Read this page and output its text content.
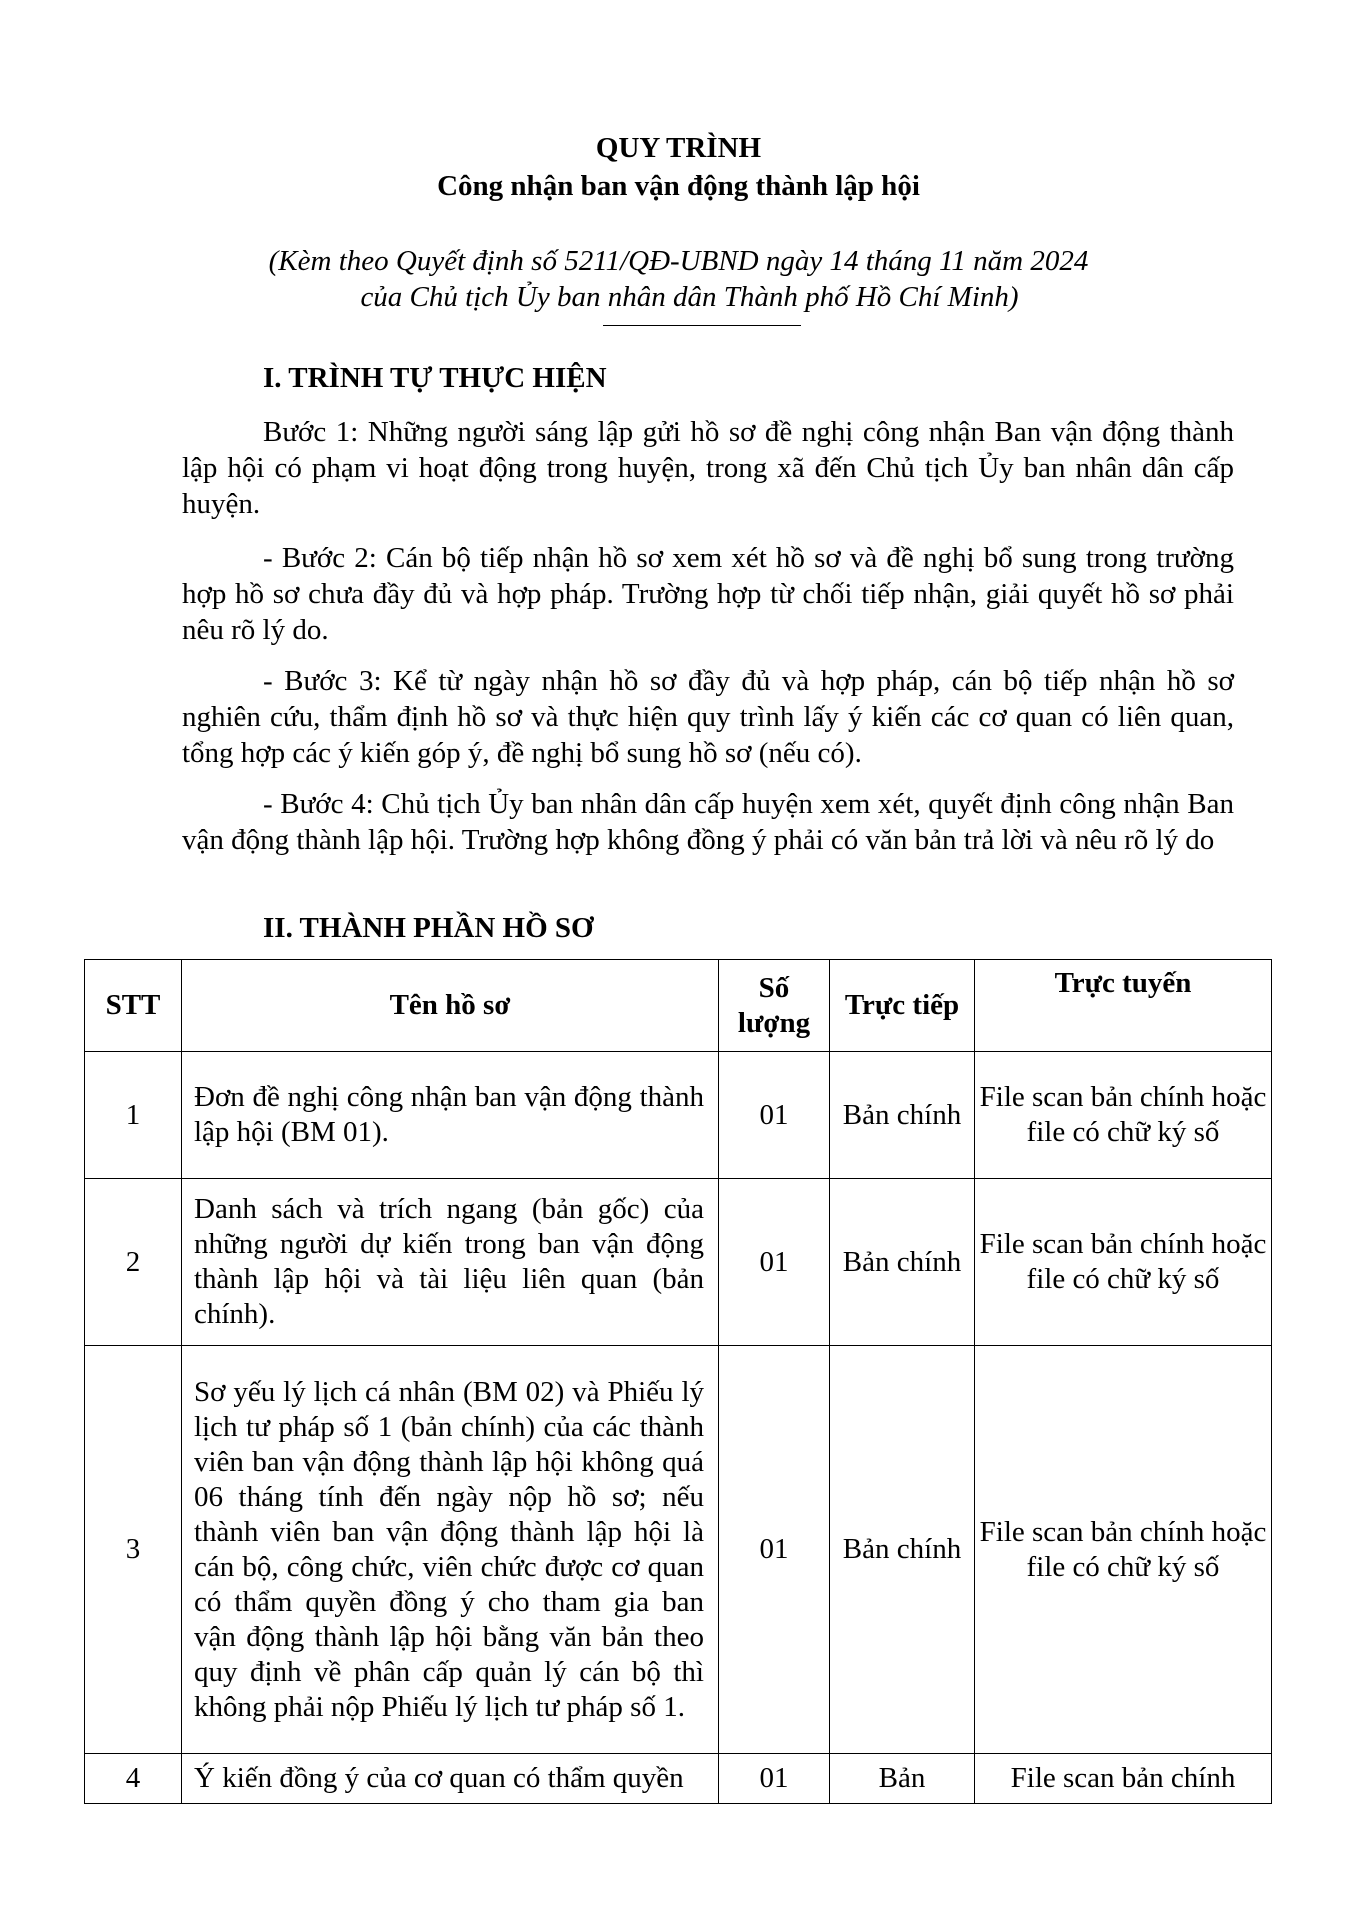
QUY TRÌNH
Công nhận ban vận động thành lập hội
(Kèm theo Quyết định số 5211/QĐ-UBND ngày 14 tháng 11 năm 2024
của Chủ tịch Ủy ban nhân dân Thành phố Hồ Chí Minh)
I. TRÌNH TỰ THỰC HIỆN

Bước 1: Những người sáng lập gửi hồ sơ đề nghị công nhận Ban vận động thành lập hội có phạm vi hoạt động trong huyện, trong xã đến Chủ tịch Ủy ban nhân dân cấp huyện.

- Bước 2: Cán bộ tiếp nhận hồ sơ xem xét hồ sơ và đề nghị bổ sung trong trường hợp hồ sơ chưa đầy đủ và hợp pháp. Trường hợp từ chối tiếp nhận, giải quyết hồ sơ phải nêu rõ lý do.

- Bước 3: Kể từ ngày nhận hồ sơ đầy đủ và hợp pháp, cán bộ tiếp nhận hồ sơ nghiên cứu, thẩm định hồ sơ và thực hiện quy trình lấy ý kiến các cơ quan có liên quan, tổng hợp các ý kiến góp ý, đề nghị bổ sung hồ sơ (nếu có).

- Bước 4: Chủ tịch Ủy ban nhân dân cấp huyện xem xét, quyết định công nhận Ban vận động thành lập hội. Trường hợp không đồng ý phải có văn bản trả lời và nêu rõ lý do

II. THÀNH PHẦN HỒ SƠ
STT	Tên hồ sơ	Số lượng	Trực tiếp	Trực tuyến
1	Đơn đề nghị công nhận ban vận động thành lập hội (BM 01).	01	Bản chính	File scan bản chính hoặc file có chữ ký số
2	Danh sách và trích ngang (bản gốc) của những người dự kiến trong ban vận động thành lập hội và tài liệu liên quan (bản chính).	01	Bản chính	File scan bản chính hoặc file có chữ ký số
3	Sơ yếu lý lịch cá nhân (BM 02) và Phiếu lý lịch tư pháp số 1 (bản chính) của các thành viên ban vận động thành lập hội không quá 06 tháng tính đến ngày nộp hồ sơ; nếu thành viên ban vận động thành lập hội là cán bộ, công chức, viên chức được cơ quan có thẩm quyền đồng ý cho tham gia ban vận động thành lập hội bằng văn bản theo quy định về phân cấp quản lý cán bộ thì không phải nộp Phiếu lý lịch tư pháp số 1.	01	Bản chính	File scan bản chính hoặc file có chữ ký số
4	Ý kiến đồng ý của cơ quan có thẩm quyền	01	Bản	File scan bản chính
